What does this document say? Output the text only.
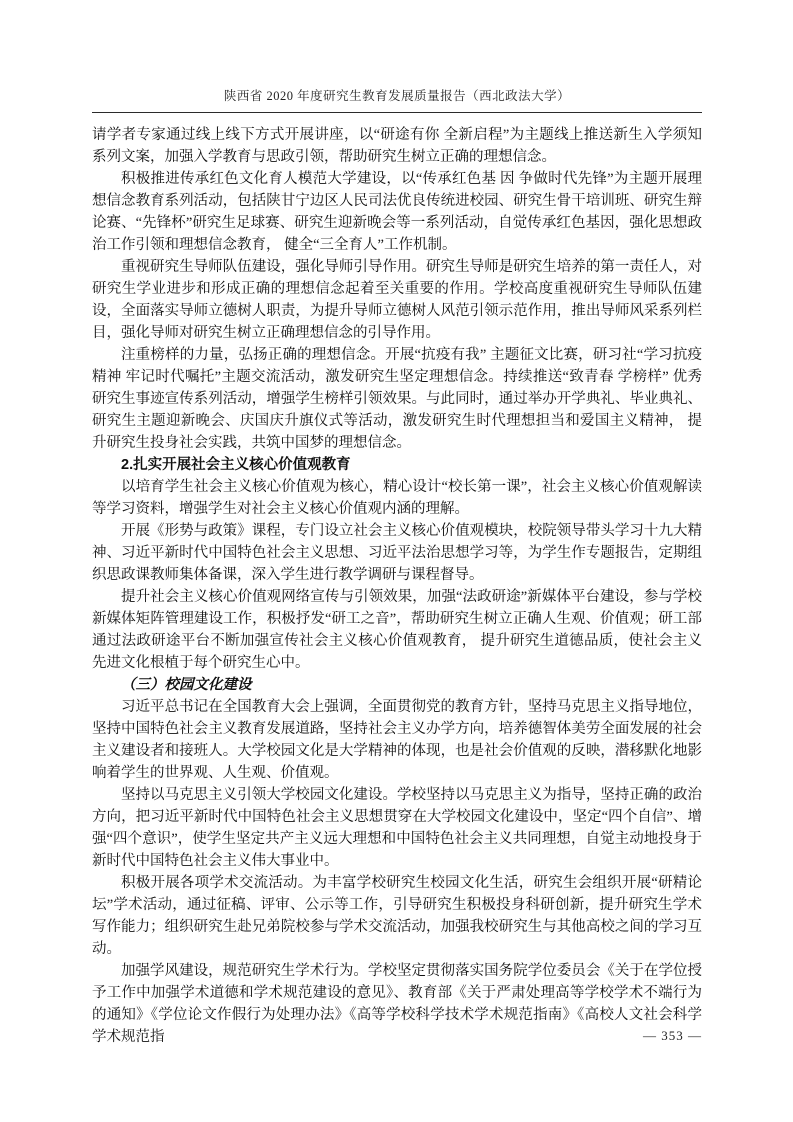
陕西省 2020 年度研究生教育发展质量报告（西北政法大学）

请学者专家通过线上线下方式开展讲座，以“研途有你 全新启程”为主题线上推送新生入学须知系列文案，加强入学教育与思政引领，帮助研究生树立正确的理想信念。

积极推进传承红色文化育人模范大学建设，以“传承红色基 因 争做时代先锋”为主题开展理想信念教育系列活动，包括陕甘宁边区人民司法优良传统进校园、研究生骨干培训班、研究生辩论赛、“先锋杯”研究生足球赛、研究生迎新晚会等一系列活动，自觉传承红色基因，强化思想政治工作引领和理想信念教育， 健全“三全育人”工作机制。

重视研究生导师队伍建设，强化导师引导作用。研究生导师是研究生培养的第一责任人，对研究生学业进步和形成正确的理想信念起着至关重要的作用。学校高度重视研究生导师队伍建 设，全面落实导师立德树人职责，为提升导师立德树人风范引领示范作用，推出导师风采系列栏目，强化导师对研究生树立正确理想信念的引导作用。

注重榜样的力量，弘扬正确的理想信念。开展“抗疫有我” 主题征文比赛，研习社“学习抗疫精神 牢记时代嘱托”主题交流活动，激发研究生坚定理想信念。持续推送“致青春 学榜样” 优秀研究生事迹宣传系列活动，增强学生榜样引领效果。与此同时，通过举办开学典礼、毕业典礼、研究生主题迎新晚会、庆国庆升旗仪式等活动，激发研究生时代理想担当和爱国主义精神， 提升研究生投身社会实践，共筑中国梦的理想信念。

2.扎实开展社会主义核心价值观教育

以培育学生社会主义核心价值观为核心，精心设计“校长第一课”，社会主义核心价值观解读等学习资料，增强学生对社会主义核心价值观内涵的理解。

开展《形势与政策》课程，专门设立社会主义核心价值观模块，校院领导带头学习十九大精神、习近平新时代中国特色社会主义思想、习近平法治思想学习等，为学生作专题报告，定期组织思政课教师集体备课，深入学生进行教学调研与课程督导。

提升社会主义核心价值观网络宣传与引领效果，加强“法政研途”新媒体平台建设，参与学校新媒体矩阵管理建设工作，积极抒发“研工之音”，帮助研究生树立正确人生观、价值观；研工部通过法政研途平台不断加强宣传社会主义核心价值观教育， 提升研究生道德品质，使社会主义先进文化根植于每个研究生心中。

（三）校园文化建设

习近平总书记在全国教育大会上强调，全面贯彻党的教育方针，坚持马克思主义指导地位，坚持中国特色社会主义教育发展道路，坚持社会主义办学方向，培养德智体美劳全面发展的社会主义建设者和接班人。大学校园文化是大学精神的体现，也是社会价值观的反映，潜移默化地影响着学生的世界观、人生观、价值观。

坚持以马克思主义引领大学校园文化建设。学校坚持以马克思主义为指导，坚持正确的政治方向，把习近平新时代中国特色社会主义思想贯穿在大学校园文化建设中，坚定“四个自信”、增强“四个意识”，使学生坚定共产主义远大理想和中国特色社会主义共同理想，自觉主动地投身于新时代中国特色社会主义伟大事业中。

积极开展各项学术交流活动。为丰富学校研究生校园文化生活，研究生会组织开展“研精论坛”学术活动，通过征稿、评审、公示等工作，引导研究生积极投身科研创新，提升研究生学术写作能力；组织研究生赴兄弟院校参与学术交流活动，加强我校研究生与其他高校之间的学习互动。

加强学风建设，规范研究生学术行为。学校坚定贯彻落实国务院学位委员会《关于在学位授予工作中加强学术道德和学术规范建设的意见》、教育部《关于严肃处理高等学校学术不端行为的通知》《学位论文作假行为处理办法》《高等学校科学技术学术规范指南》《高校人文社会科学学术规范指	— 353 —
